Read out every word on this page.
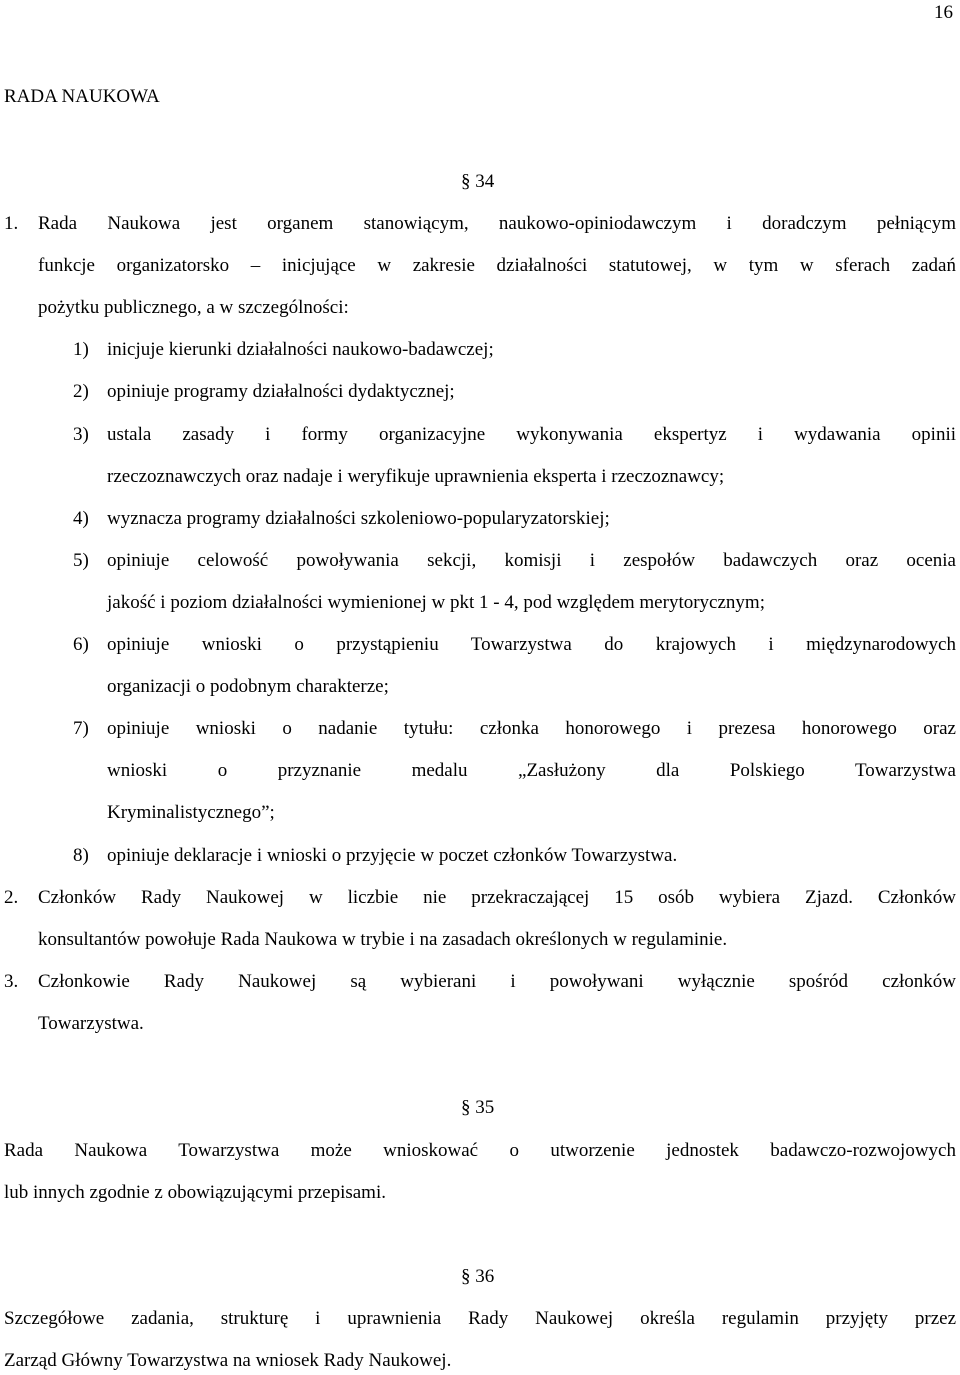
16
RADA NAUKOWA
§ 34
1. Rada Naukowa jest organem stanowiącym, naukowo-opiniodawczym i doradczym pełniącym
funkcje organizatorsko – inicjujące w zakresie działalności statutowej, w tym w sferach zadań
pożytku publicznego, a w szczególności:
1) inicjuje kierunki działalności naukowo-badawczej;
2) opiniuje programy działalności dydaktycznej;
3) ustala zasady i formy organizacyjne wykonywania ekspertyz i wydawania opinii
rzeczoznawczych oraz nadaje i weryfikuje uprawnienia eksperta i rzeczoznawcy;
4) wyznacza programy działalności szkoleniowo-popularyzatorskiej;
5) opiniuje celowość powoływania sekcji, komisji i zespołów badawczych oraz ocenia
jakość i poziom działalności wymienionej w pkt 1 - 4, pod względem merytorycznym;
6) opiniuje wnioski o przystąpieniu Towarzystwa do krajowych i międzynarodowych
organizacji o podobnym charakterze;
7) opiniuje wnioski o nadanie tytułu: członka honorowego i prezesa honorowego oraz
wnioski o przyznanie medalu „Zasłużony dla Polskiego Towarzystwa
Kryminalistycznego”;
8) opiniuje deklaracje i wnioski o przyjęcie w poczet członków Towarzystwa.
2. Członków Rady Naukowej w liczbie nie przekraczającej 15 osób wybiera Zjazd. Członków
konsultantów powołuje Rada Naukowa w trybie i na zasadach określonych w regulaminie.
3. Członkowie Rady Naukowej są wybierani i powoływani wyłącznie spośród członków
Towarzystwa.
§ 35
Rada Naukowa Towarzystwa może wnioskować o utworzenie jednostek badawczo-rozwojowych
lub innych zgodnie z obowiązującymi przepisami.
§ 36
Szczegółowe zadania, strukturę i uprawnienia Rady Naukowej określa regulamin przyjęty przez
Zarząd Główny Towarzystwa na wniosek Rady Naukowej.
